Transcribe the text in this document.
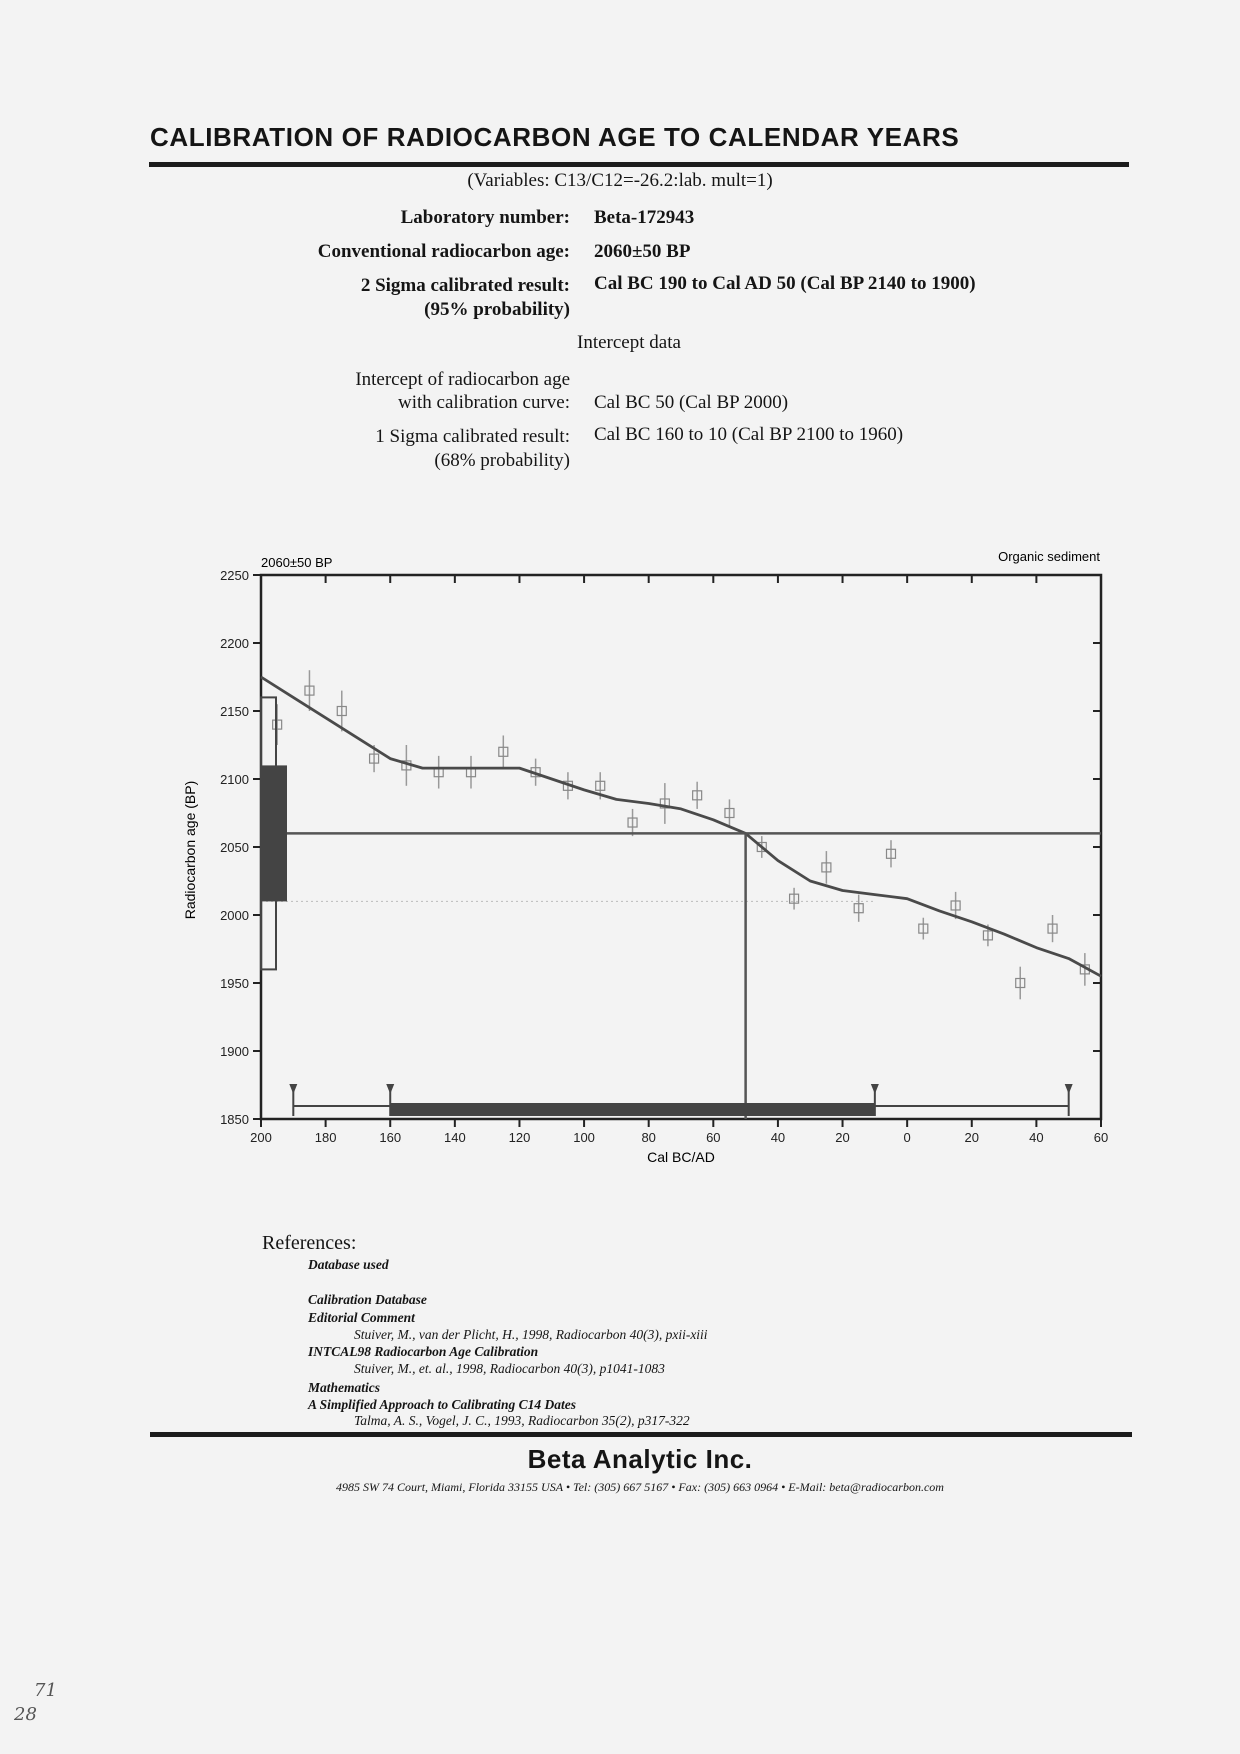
CALIBRATION OF RADIOCARBON AGE TO CALENDAR YEARS
(Variables: C13/C12=-26.2:lab. mult=1)
Laboratory number: Beta-172943
Conventional radiocarbon age: 2060±50 BP
2 Sigma calibrated result:
(95% probability)
Cal BC 190 to Cal AD 50 (Cal BP 2140 to 1900)
Intercept data
Intercept of radiocarbon age
with calibration curve: Cal BC 50 (Cal BP 2000)
1 Sigma calibrated result:
(68% probability)
Cal BC 160 to 10 (Cal BP 2100 to 1960)
2060±50 BP	Organic sediment
Cal BC/AD
Radiocarbon age (BP)
200	180	160	140	120	100	80	60	40	20	0	20	40	60
1850
1900
1950
2000
2050
2100
2150
2200
2250
References:
Database used
Calibration Database
Editorial Comment
Stuiver, M., van der Plicht, H., 1998, Radiocarbon 40(3), pxii-xiii
INTCAL98 Radiocarbon Age Calibration
Stuiver, M., et. al., 1998, Radiocarbon 40(3), p1041-1083
Mathematics
A Simplified Approach to Calibrating C14 Dates
Talma, A. S., Vogel, J. C., 1993, Radiocarbon 35(2), p317-322
Beta Analytic Inc.
4985 SW 74 Court, Miami, Florida 33155 USA • Tel: (305) 667 5167 • Fax: (305) 663 0964 • E-Mail: beta@radiocarbon.com
71
28
